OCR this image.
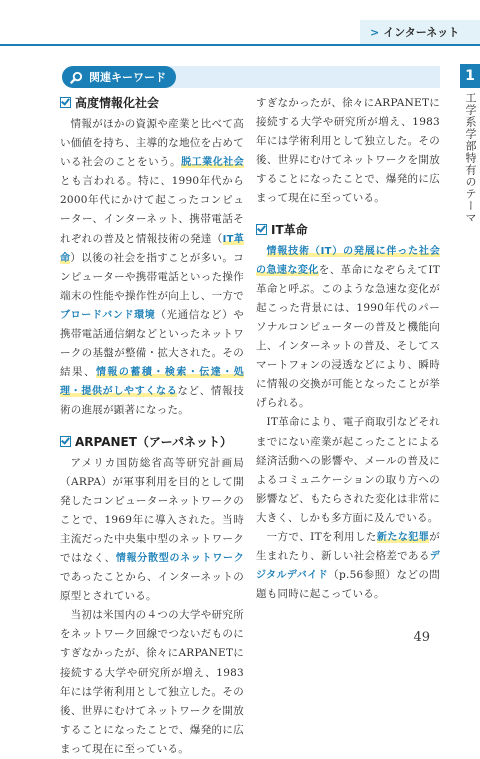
> インターネット
関連キーワード	1
工学系学部特有のテーマ
高度情報化社会

情報がほかの資源や産業と比べて高い価値を持ち、主導的な地位を占めている社会のことをいう。脱工業化社会とも言われる。特に、1990年代から2000年代にかけて起こったコンピューター、インターネット、携帯電話それぞれの普及と情報技術の発達（IT革命）以後の社会を指すことが多い。コンピューターや携帯電話といった操作端末の性能や操作性が向上し、一方でブロードバンド環境（光通信など）や携帯電話通信網などといったネットワークの基盤が整備・拡大された。その結果、情報の蓄積・検索・伝達・処理・提供がしやすくなるなど、情報技術の進展が顕著になった。

ARPANET（アーパネット）

アメリカ国防総省高等研究計画局（ARPA）が軍事利用を目的として開発したコンピューターネットワークのことで、1969年に導入された。当時主流だった中央集中型のネットワークではなく、情報分散型のネットワークであったことから、インターネットの原型とされている。

当初は米国内の４つの大学や研究所をネットワーク回線でつないだものにすぎなかったが、徐々にARPANETに接続する大学や研究所が増え、1983年には学術利用として独立した。その後、世界にむけてネットワークを開放することになったことで、爆発的に広まって現在に至っている。

すぎなかったが、徐々にARPANETに接続する大学や研究所が増え、1983年には学術利用として独立した。その後、世界にむけてネットワークを開放することになったことで、爆発的に広まって現在に至っている。

IT革命

情報技術（IT）の発展に伴った社会の急速な変化を、革命になぞらえてIT革命と呼ぶ。このような急速な変化が起こった背景には、1990年代のパーソナルコンピューターの普及と機能向上、インターネットの普及、そしてスマートフォンの浸透などにより、瞬時に情報の交換が可能となったことが挙げられる。

IT革命により、電子商取引などそれまでにない産業が起こったことによる経済活動への影響や、メールの普及によるコミュニケーションの取り方への影響など、もたらされた変化は非常に大きく、しかも多方面に及んでいる。

一方で、ITを利用した新たな犯罪が生まれたり、新しい社会格差であるデジタルデバイド（p.56参照）などの問題も同時に起こっている。

49
